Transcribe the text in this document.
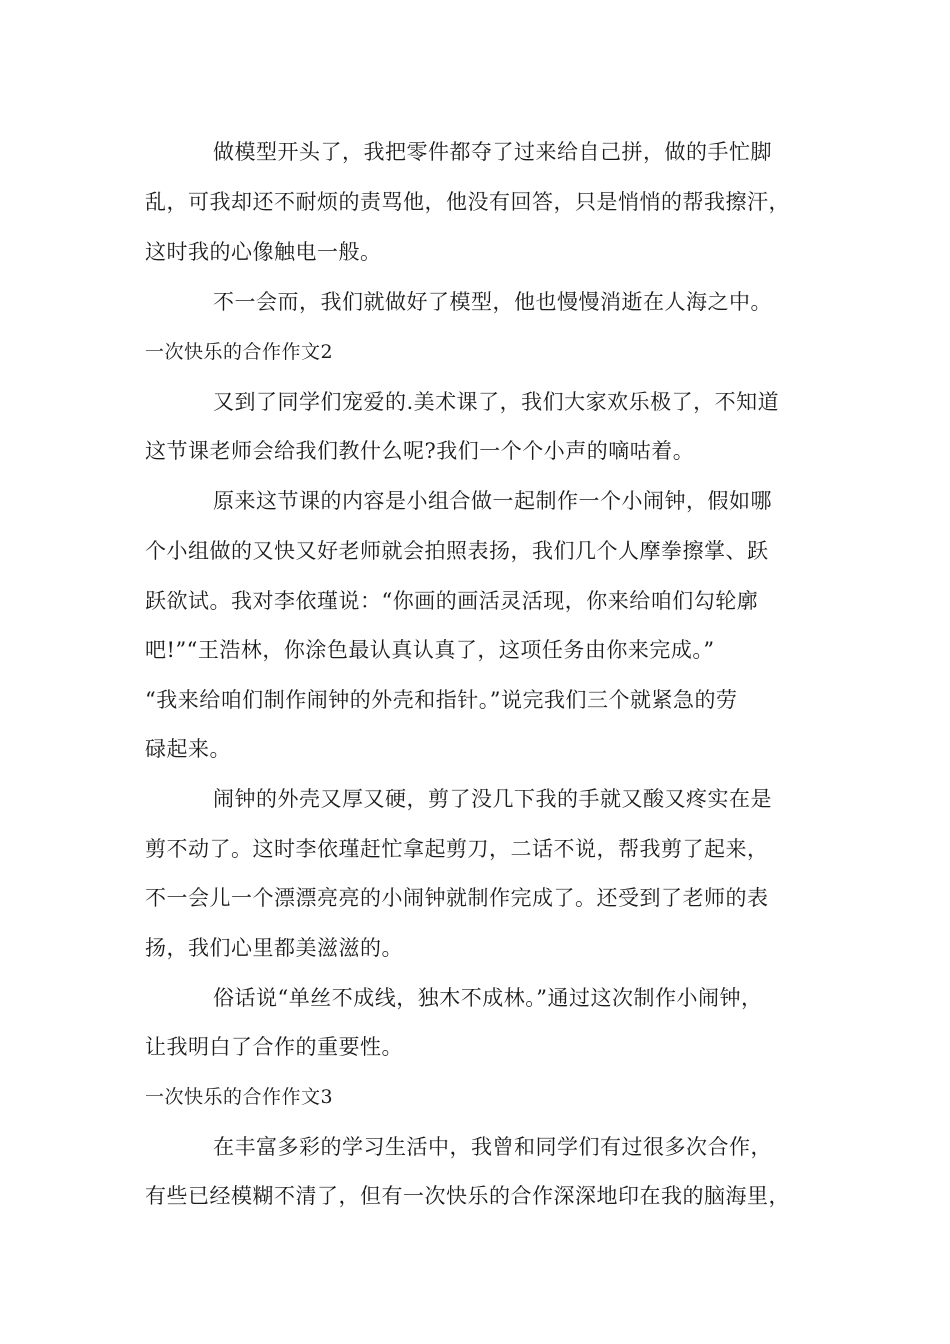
做模型开头了，我把零件都夺了过来给自己拼，做的手忙脚
乱，可我却还不耐烦的责骂他，他没有回答，只是悄悄的帮我擦汗，
这时我的心像触电一般。
不一会而，我们就做好了模型，他也慢慢消逝在人海之中。
一次快乐的合作作文2
又到了同学们宠爱的.美术课了，我们大家欢乐极了，不知道
这节课老师会给我们教什么呢?我们一个个小声的嘀咕着。
原来这节课的内容是小组合做一起制作一个小闹钟，假如哪
个小组做的又快又好老师就会拍照表扬，我们几个人摩拳擦掌、跃
跃欲试。我对李依瑾说：“你画的画活灵活现，你来给咱们勾轮廓
吧!”“王浩林，你涂色最认真认真了，这项任务由你来完成。”
“我来给咱们制作闹钟的外壳和指针。”说完我们三个就紧急的劳
碌起来。
闹钟的外壳又厚又硬，剪了没几下我的手就又酸又疼实在是
剪不动了。这时李依瑾赶忙拿起剪刀，二话不说，帮我剪了起来，
不一会儿一个漂漂亮亮的小闹钟就制作完成了。还受到了老师的表
扬，我们心里都美滋滋的。
俗话说“单丝不成线，独木不成林。”通过这次制作小闹钟，
让我明白了合作的重要性。
一次快乐的合作作文3
在丰富多彩的学习生活中，我曾和同学们有过很多次合作，
有些已经模糊不清了，但有一次快乐的合作深深地印在我的脑海里，
